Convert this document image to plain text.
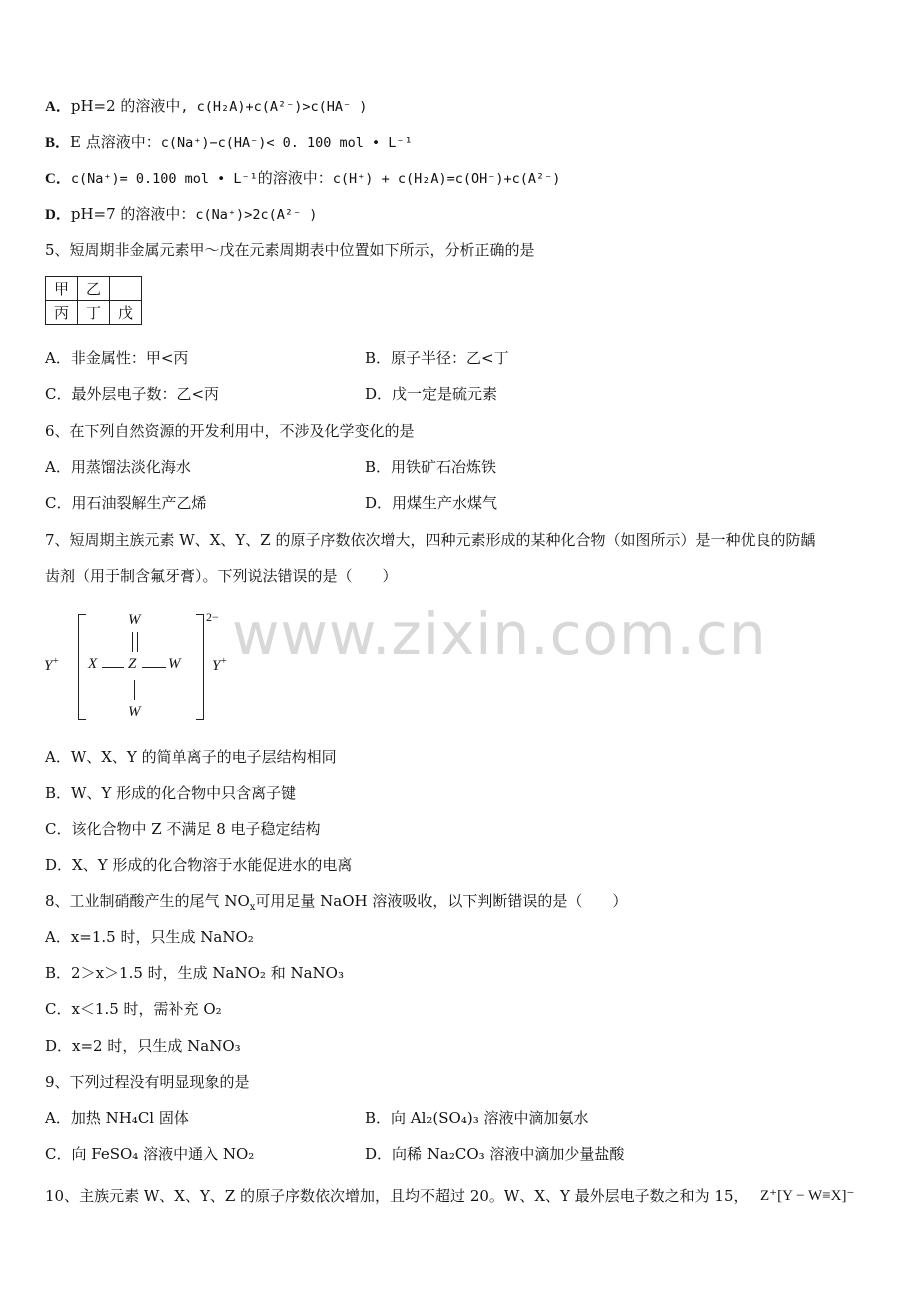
A．pH=2 的溶液中, c(H₂A)+c(A²⁻)>c(HA⁻ )
B．E 点溶液中：c(Na⁺)−c(HA⁻)< 0. 100 mol • L⁻¹
C．c(Na⁺)= 0.100 mol • L⁻¹的溶液中：c(H⁺) + c(H₂A)=c(OH⁻)+c(A²⁻)
D．pH=7 的溶液中：c(Na⁺)>2c(A²⁻ )
5、短周期非金属元素甲～戊在元素周期表中位置如下所示，分析正确的是
甲	乙	
丙	丁	戊
A．非金属性：甲<丙	B．原子半径：乙<丁
C．最外层电子数：乙<丙	D．戊一定是硫元素
6、在下列自然资源的开发利用中，不涉及化学变化的是
A．用蒸馏法淡化海水	B．用铁矿石冶炼铁
C．用石油裂解生产乙烯	D．用煤生产水煤气
7、短周期主族元素 W、X、Y、Z 的原子序数依次增大，四种元素形成的某种化合物（如图所示）是一种优良的防龋
齿剂（用于制含氟牙膏）。下列说法错误的是（　　）
www.zixin.com.cn
Y+
W
X Z W
W
2−
Y+
A．W、X、Y 的简单离子的电子层结构相同
B．W、Y 形成的化合物中只含离子键
C．该化合物中 Z 不满足 8 电子稳定结构
D．X、Y 形成的化合物溶于水能促进水的电离
8、工业制硝酸产生的尾气 $NO_x$可用足量 NaOH 溶液吸收，以下判断错误的是（　　）
A．x=1.5 时，只生成 NaNO₂
B．2＞x＞1.5 时，生成 NaNO₂ 和 NaNO₃
C．x＜1.5 时，需补充 O₂
D．x=2 时，只生成 NaNO₃
9、下列过程没有明显现象的是
A．加热 NH₄Cl 固体	B．向 Al₂(SO₄)₃ 溶液中滴加氨水
C．向 FeSO₄ 溶液中通入 NO₂	D．向稀 Na₂CO₃ 溶液中滴加少量盐酸
10、主族元素 W、X、Y、Z 的原子序数依次增加，且均不超过 20。W、X、Y 最外层电子数之和为 15， Z⁺[Y − W≡X]⁻
